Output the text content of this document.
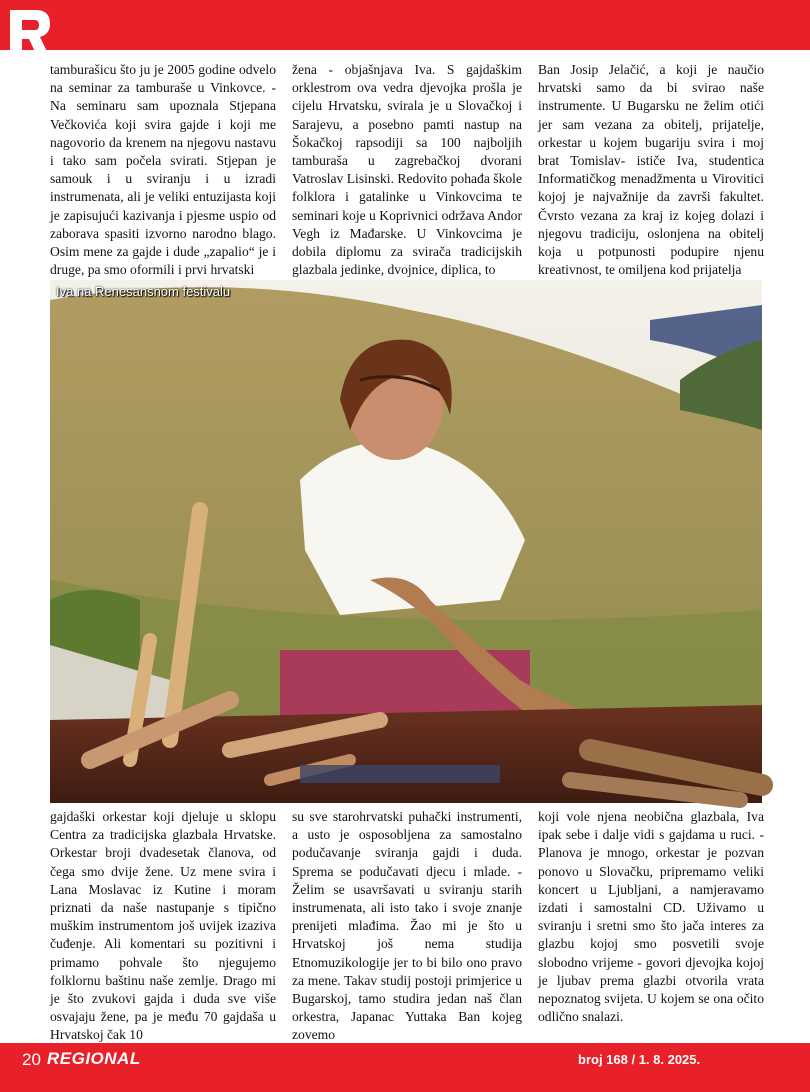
tamburašicu što ju je 2005 godine odvelo na seminar za tamburaše u Vinkovce. -Na seminaru sam upoznala Stjepana Večkovića koji svira gajde i koji me nagovorio da krenem na njegovu nastavu i tako sam počela svirati. Stjepan je samouk i u sviranju i u izradi instrumenata, ali je veliki entuzijasta koji je zapisujući kazivanja i pjesme uspio od zaborava spasiti izvorno narodno blago. Osim mene za gajde i dude „zapalio“ je i druge, pa smo oformili i prvi hrvatski

žena - objašnjava Iva. S gajdaškim orklestrom ova vedra djevojka prošla je cijelu Hrvatsku, svirala je u Slovačkoj i Sarajevu, a posebno pamti nastup na Šokačkoj rapsodiji sa 100 najboljih tamburaša u zagrebačkoj dvorani Vatroslav Lisinski. Redovito pohađa škole folklora i gatalinke u Vinkovcima te seminari koje u Koprivnici održava Andor Vegh iz Mađarske. U Vinkovcima je dobila diplomu za svirača tradicijskih glazbala jedinke, dvojnice, diplica, to

Ban Josip Jelačić, a koji je naučio hrvatski samo da bi svirao naše instrumente. U Bugarsku ne želim otići jer sam vezana za obitelj, prijatelje, orkestar u kojem bugariju svira i moj brat Tomislav- ističe Iva, studentica Informatičkog menadžmenta u Virovitici kojoj je najvažnije da završi fakultet. Čvrsto vezana za kraj iz kojeg dolazi i njegovu tradiciju, oslonjena na obitelj koja u potpunosti podupire njenu kreativnost, te omiljena kod prijatelja

Iva na Renesansnom festivalu

gajdaški orkestar koji djeluje u sklopu Centra za tradicijska glazbala Hrvatske. Orkestar broji dvadesetak članova, od čega smo dvije žene. Uz mene svira i Lana Moslavac iz Kutine i moram priznati da naše nastupanje s tipično muškim instrumentom još uvijek izaziva čuđenje. Ali komentari su pozitivni i primamo pohvale što njegujemo folklornu baštinu naše zemlje. Drago mi je što zvukovi gajda i duda sve više osvajaju žene, pa je među 70 gajdaša u Hrvatskoj čak 10

su sve starohrvatski puhački instrumenti, a usto je osposobljena za samostalno podučavanje sviranja gajdi i duda. Sprema se podučavati djecu i mlade. - Želim se usavršavati u sviranju starih instrumenata, ali isto tako i svoje znanje prenijeti mlađima. Žao mi je što u Hrvatskoj još nema studija Etnomuzikologije jer to bi bilo ono pravo za mene. Takav studij postoji primjerice u Bugarskoj, tamo studira jedan naš član orkestra, Japanac Yuttaka Ban kojeg zovemo

koji vole njena neobična glazbala, Iva ipak sebe i dalje vidi s gajdama u ruci. -Planova je mnogo, orkestar je pozvan ponovo u Slovačku, pripremamo veliki koncert u Ljubljani, a namjeravamo izdati i samostalni CD. Uživamo u sviranju i sretni smo što jača interes za glazbu kojoj smo posvetili svoje slobodno vrijeme - govori djevojka kojoj je ljubav prema glazbi otvorila vrata nepoznatog svijeta. U kojem se ona očito odlično snalazi.

20 REGIONAL	broj 168 / 1. 8. 2025.
